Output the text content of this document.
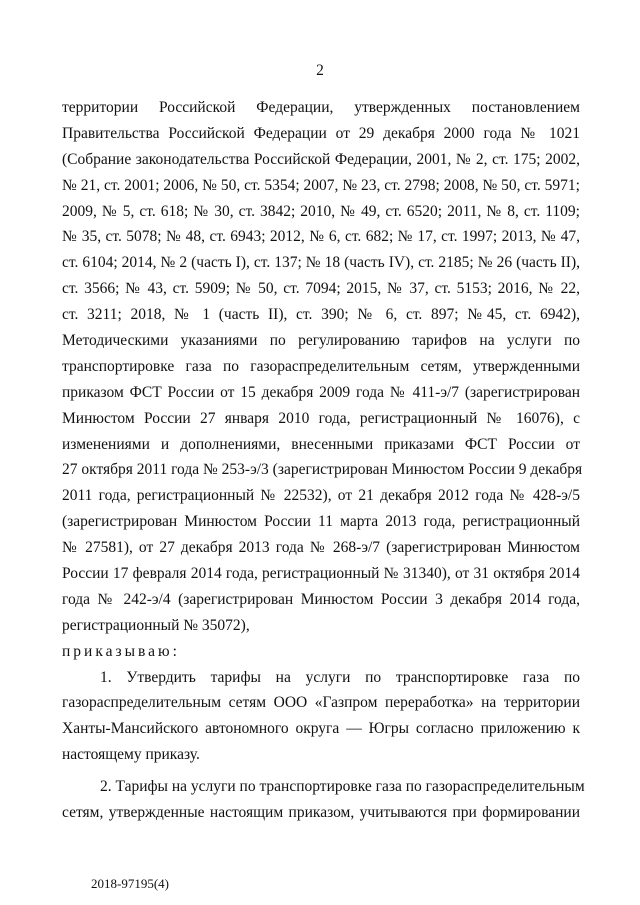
2
территории Российской Федерации, утвержденных постановлением
Правительства Российской Федерации от 29 декабря 2000 года № 1021
(Собрание законодательства Российской Федерации, 2001, № 2, ст. 175; 2002,
№ 21, ст. 2001; 2006, № 50, ст. 5354; 2007, № 23, ст. 2798; 2008, № 50, ст. 5971;
2009, № 5, ст. 618; № 30, ст. 3842; 2010, № 49, ст. 6520; 2011, № 8, ст. 1109;
№ 35, ст. 5078; № 48, ст. 6943; 2012, № 6, ст. 682; № 17, ст. 1997; 2013, № 47,
ст. 6104; 2014, № 2 (часть I), ст. 137; № 18 (часть IV), ст. 2185; № 26 (часть II),
ст. 3566; № 43, ст. 5909; № 50, ст. 7094; 2015, № 37, ст. 5153; 2016, № 22,
ст. 3211; 2018, № 1 (часть II), ст. 390; № 6, ст. 897; №45, ст. 6942),
Методическими указаниями по регулированию тарифов на услуги по
транспортировке газа по газораспределительным сетям, утвержденными
приказом ФСТ России от 15 декабря 2009 года № 411-э/7 (зарегистрирован
Минюстом России 27 января 2010 года, регистрационный № 16076), с
изменениями и дополнениями, внесенными приказами ФСТ России от
27 октября 2011 года № 253-э/3 (зарегистрирован Минюстом России 9 декабря
2011 года, регистрационный № 22532), от 21 декабря 2012 года № 428-э/5
(зарегистрирован Минюстом России 11 марта 2013 года, регистрационный
№ 27581), от 27 декабря 2013 года № 268-э/7 (зарегистрирован Минюстом
России 17 февраля 2014 года, регистрационный № 31340), от 31 октября 2014
года № 242-э/4 (зарегистрирован Минюстом России 3 декабря 2014 года,
регистрационный № 35072),
приказываю:
1. Утвердить тарифы на услуги по транспортировке газа по
газораспределительным сетям ООО «Газпром переработка» на территории
Ханты-Мансийского автономного округа — Югры согласно приложению к
настоящему приказу.
2. Тарифы на услуги по транспортировке газа по газораспределительным
сетям, утвержденные настоящим приказом, учитываются при формировании
2018-97195(4)
